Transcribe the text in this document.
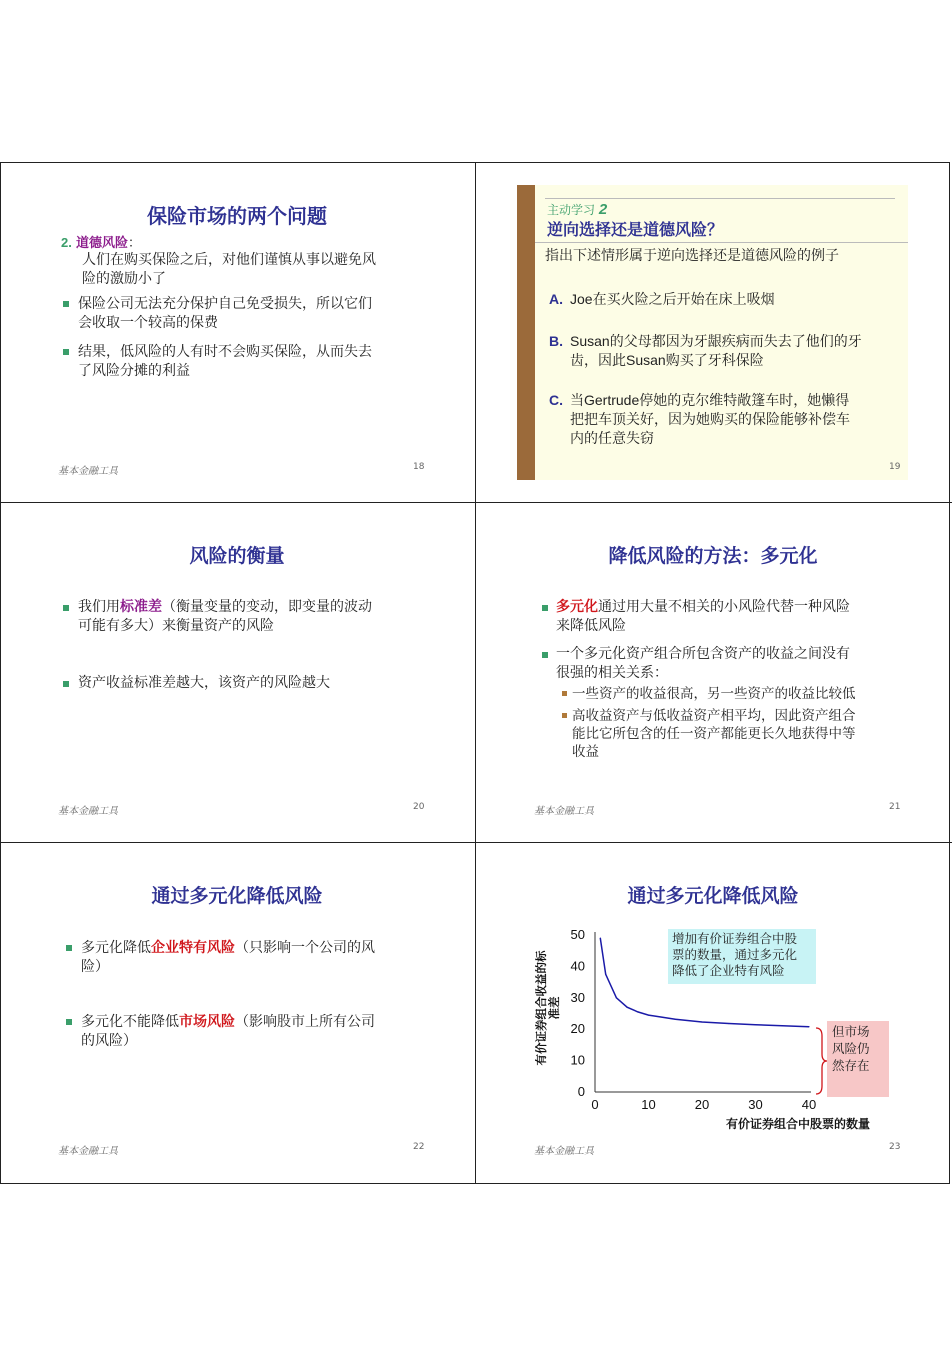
保险市场的两个问题
2. 道德风险：
人们在购买保险之后，对他们谨慎从事以避免风
险的激励小了
保险公司无法充分保护自己免受损失，所以它们
会收取一个较高的保费
结果，低风险的人有时不会购买保险，从而失去
了风险分摊的利益
基本金融工具	18
主动学习 2
逆向选择还是道德风险？
指出下述情形属于逆向选择还是道德风险的例子
A. Joe在买火险之后开始在床上吸烟
B. Susan的父母都因为牙龈疾病而失去了他们的牙
齿，因此Susan购买了牙科保险
C. 当Gertrude停她的克尔维特敞篷车时，她懒得
把把车顶关好，因为她购买的保险能够补偿车
内的任意失窃
19
风险的衡量
我们用标准差（衡量变量的变动，即变量的波动
可能有多大）来衡量资产的风险
资产收益标准差越大，该资产的风险越大
基本金融工具	20
降低风险的方法：多元化
多元化通过用大量不相关的小风险代替一种风险
来降低风险
一个多元化资产组合所包含资产的收益之间没有
很强的相关关系：
一些资产的收益很高，另一些资产的收益比较低
高收益资产与低收益资产相平均，因此资产组合
能比它所包含的任一资产都能更长久地获得中等
收益
基本金融工具	21
通过多元化降低风险
多元化降低企业特有风险（只影响一个公司的风
险）
多元化不能降低市场风险（影响股市上所有公司
的风险）
基本金融工具	22
通过多元化降低风险
基本金融工具	23
0
10
20
30
40
50
0	10	20	30	40
有价证券组合收益的标准差
有价证券组合中股票的数量
增加有价证券组合中股
票的数量，通过多元化
降低了企业特有风险
但市场
风险仍
然存在
